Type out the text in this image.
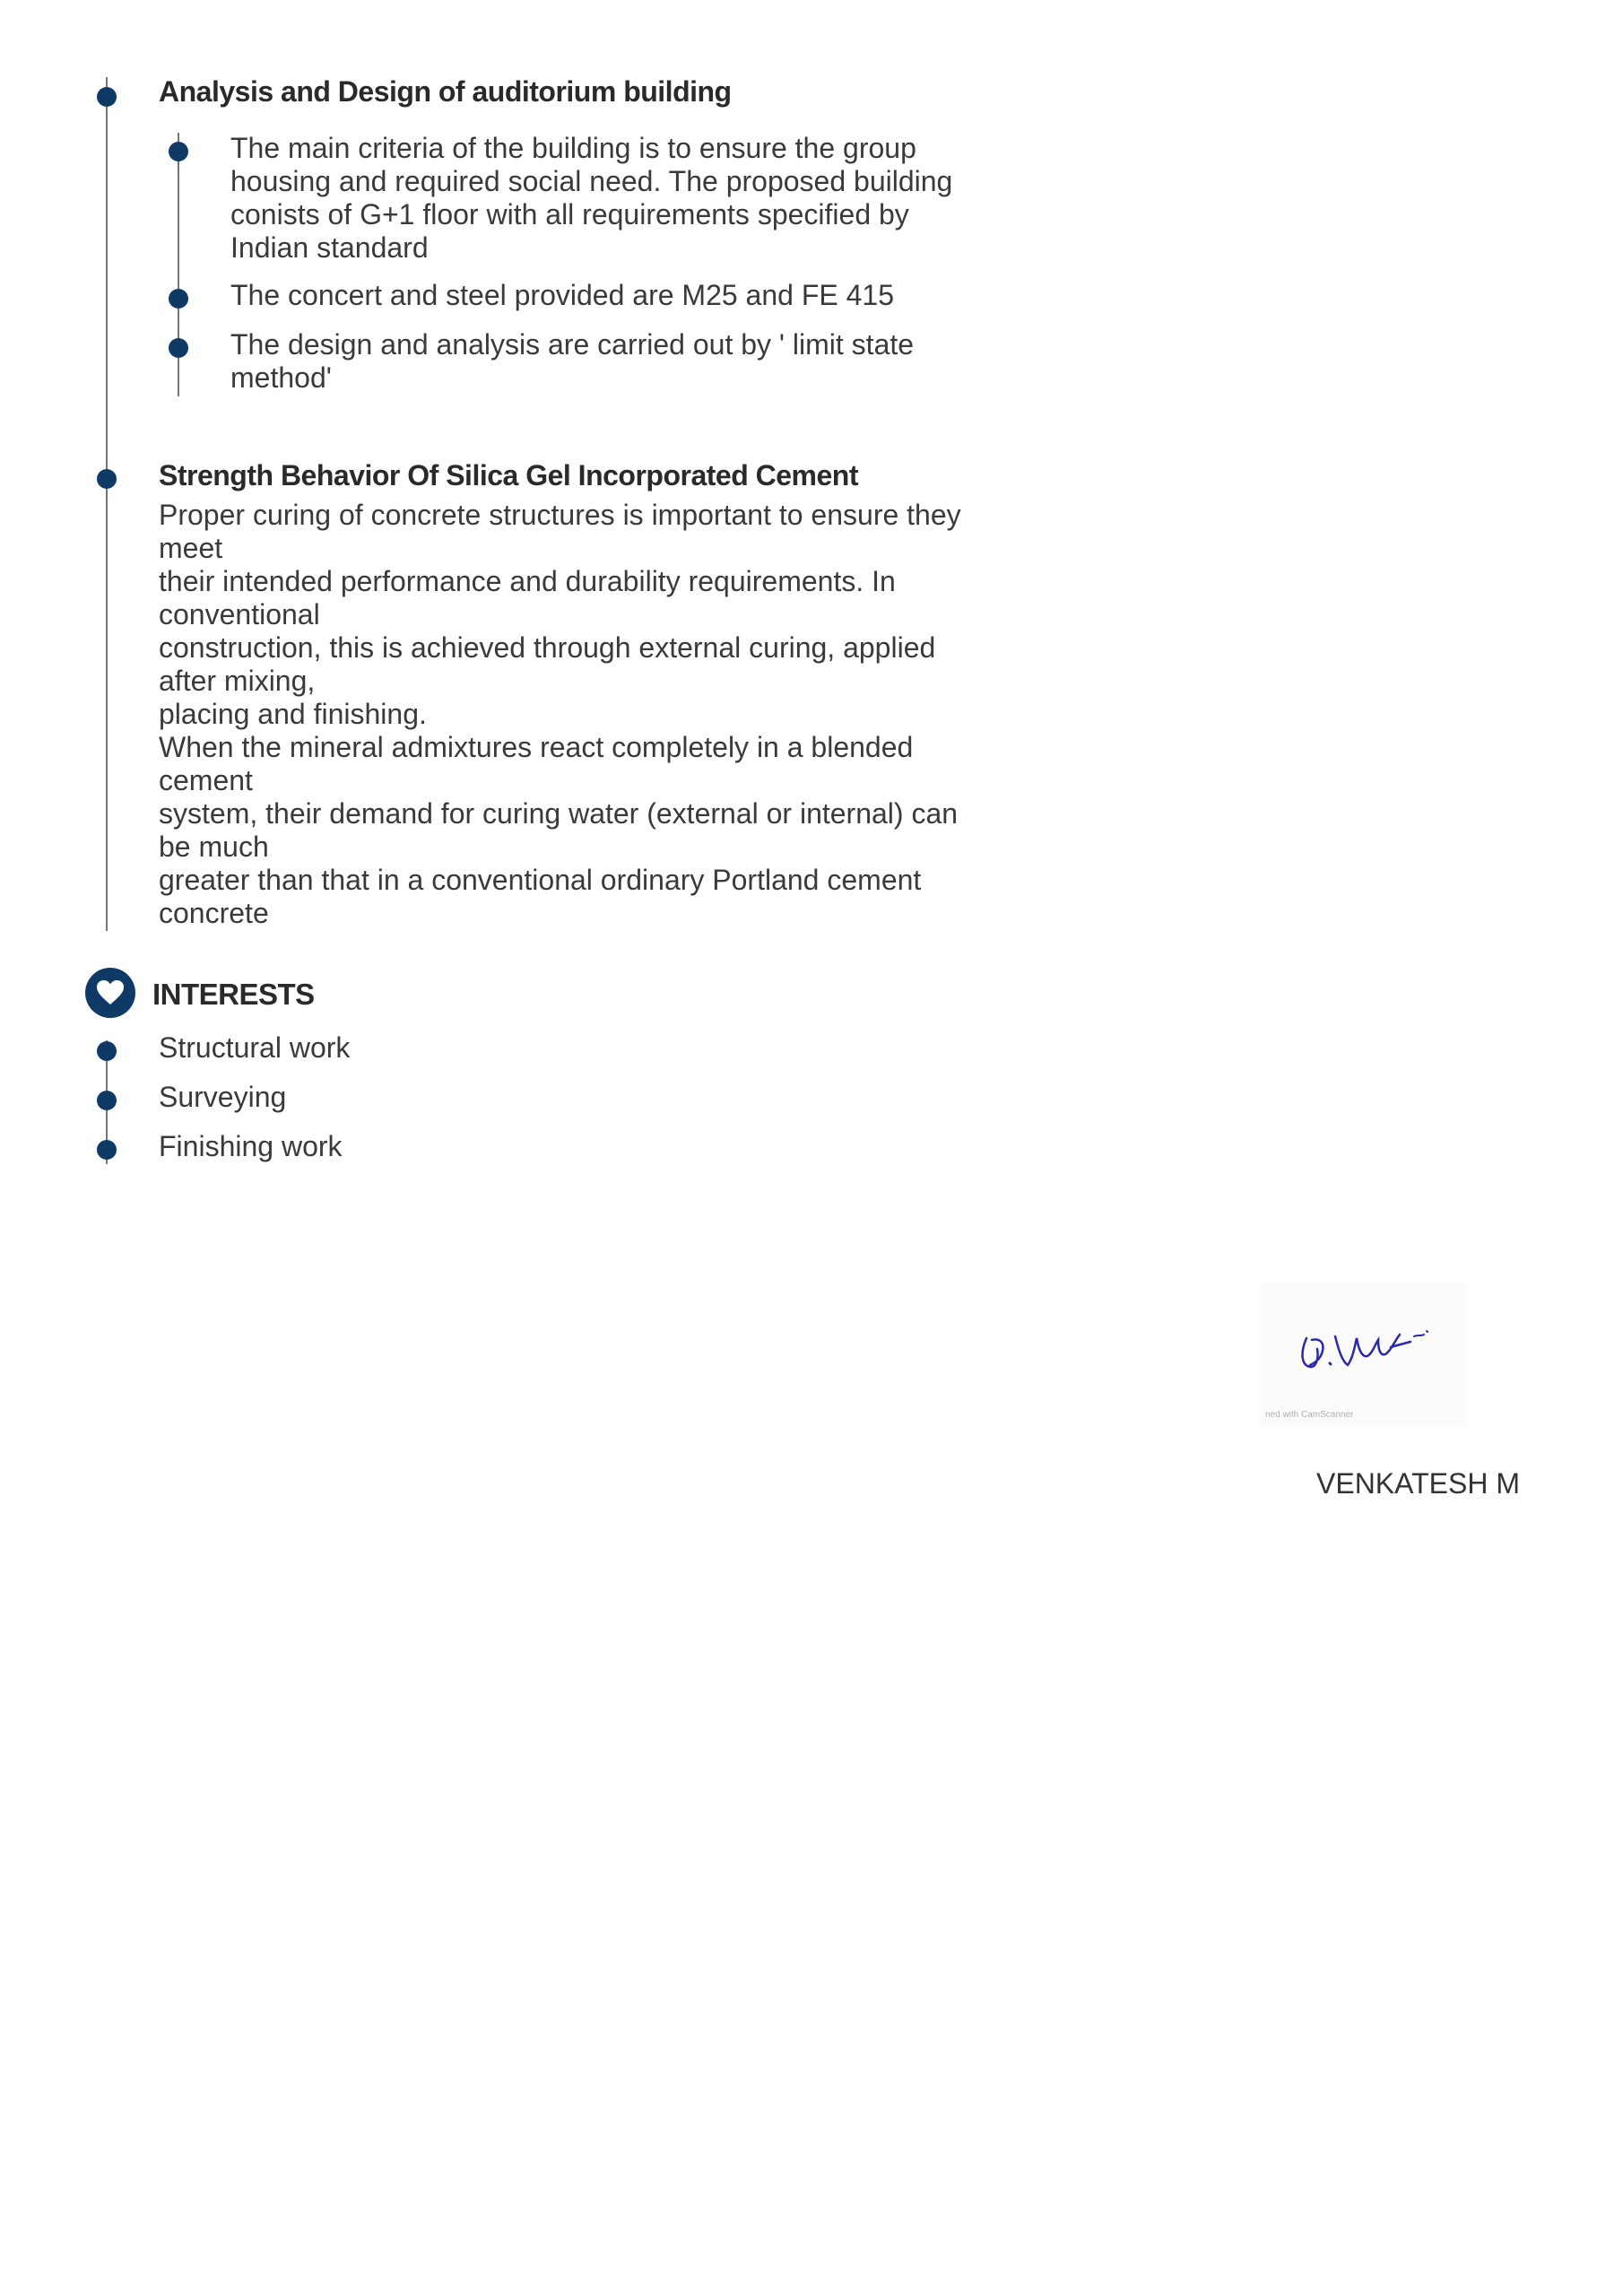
Analysis and Design of auditorium building
The main criteria of the building is to ensure the group
housing and required social need. The proposed building
conists of G+1 floor with all requirements specified by
Indian standard
The concert and steel provided are M25 and FE 415
The design and analysis are carried out by ' limit state
method'
Strength Behavior Of Silica Gel Incorporated Cement
Proper curing of concrete structures is important to ensure they
meet
their intended performance and durability requirements. In
conventional
construction, this is achieved through external curing, applied
after mixing,
placing and finishing.
When the mineral admixtures react completely in a blended
cement
system, their demand for curing water (external or internal) can
be much
greater than that in a conventional ordinary Portland cement
concrete
INTERESTS
Structural work
Surveying
Finishing work
ned with CamScanner
VENKATESH M
